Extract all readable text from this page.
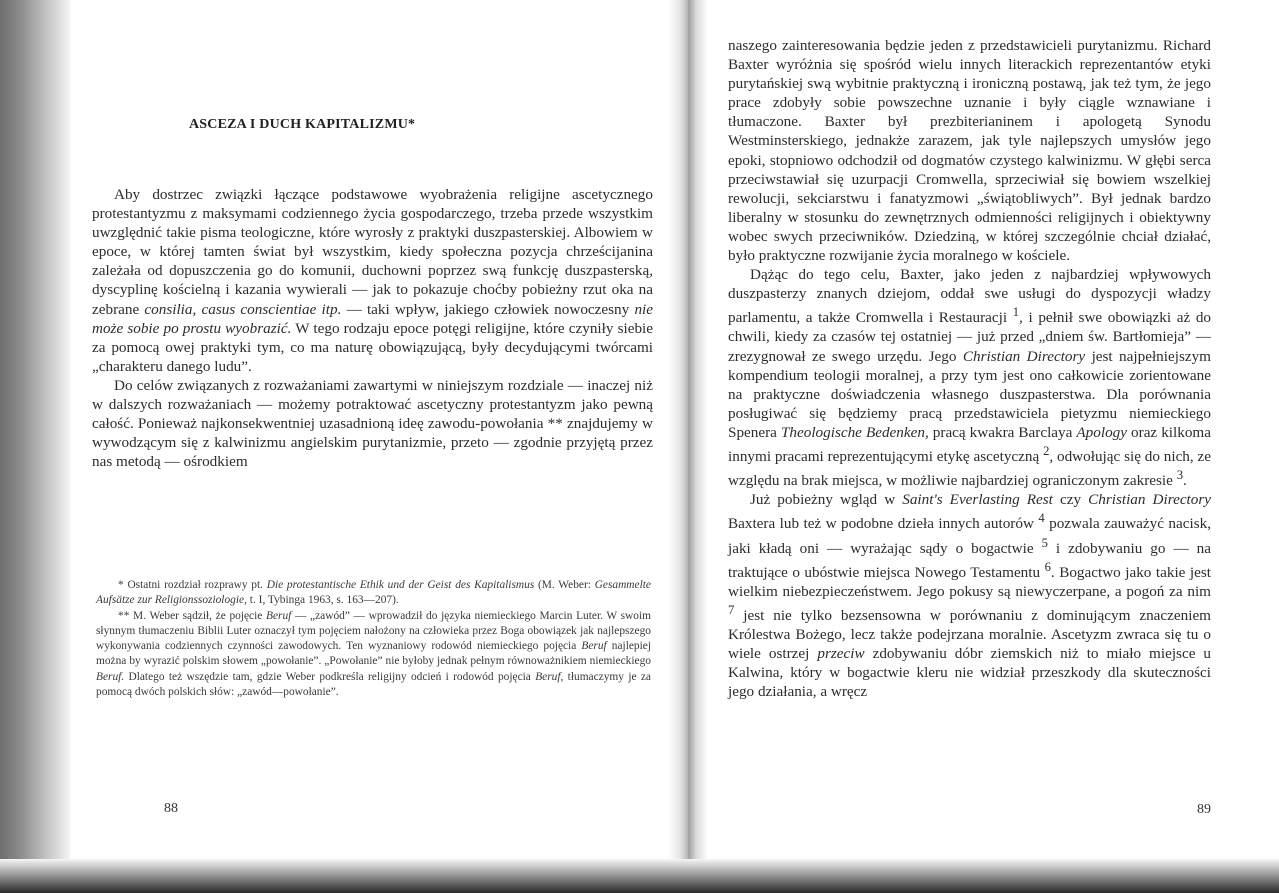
ASCEZA I DUCH KAPITALIZMU*

Aby dostrzec związki łączące podstawowe wyobrażenia religijne ascetycznego protestantyzmu z maksymami codziennego życia gospodarczego, trzeba przede wszystkim uwzględnić takie pisma teologiczne, które wyrosły z praktyki duszpasterskiej. Albowiem w epoce, w której tamten świat był wszystkim, kiedy społeczna pozycja chrześcijanina zależała od dopuszczenia go do komunii, duchowni poprzez swą funkcję duszpasterską, dyscyplinę kościelną i kazania wywierali — jak to pokazuje choćby pobieżny rzut oka na zebrane consilia, casus conscientiae itp. — taki wpływ, jakiego człowiek nowoczesny nie może sobie po prostu wyobrazić. W tego rodzaju epoce potęgi religijne, które czyniły siebie za pomocą owej praktyki tym, co ma naturę obowiązującą, były decydującymi twórcami „charakteru danego ludu”.

Do celów związanych z rozważaniami zawartymi w niniejszym rozdziale — inaczej niż w dalszych rozważaniach — możemy potraktować ascetyczny protestantyzm jako pewną całość. Ponieważ najkonsekwentniej uzasadnioną ideę zawodu-powołania ** znajdujemy w wywodzącym się z kalwinizmu angielskim purytanizmie, przeto — zgodnie przyjętą przez nas metodą — ośrodkiem

* Ostatni rozdział rozprawy pt. Die protestantische Ethik und der Geist des Kapitalismus (M. Weber: Gesammelte Aufsätze zur Religionssoziologie, t. I, Tybinga 1963, s. 163—207).

** M. Weber sądził, że pojęcie Beruf — „zawód” — wprowadził do języka niemieckiego Marcin Luter. W swoim słynnym tłumaczeniu Biblii Luter oznaczył tym pojęciem nałożony na człowieka przez Boga obowiązek jak najlepszego wykonywania codziennych czynności zawodowych. Ten wyznaniowy rodowód niemieckiego pojęcia Beruf najlepiej można by wyrazić polskim słowem „powołanie”. „Powołanie” nie byłoby jednak pełnym równoważnikiem niemieckiego Beruf. Dlatego też wszędzie tam, gdzie Weber podkreśla religijny odcień i rodowód pojęcia Beruf, tłumaczymy je za pomocą dwóch polskich słów: „zawód—powołanie”.

88

naszego zainteresowania będzie jeden z przedstawicieli purytanizmu. Richard Baxter wyróżnia się spośród wielu innych literackich reprezentantów etyki purytańskiej swą wybitnie praktyczną i ironiczną postawą, jak też tym, że jego prace zdobyły sobie powszechne uznanie i były ciągle wznawiane i tłumaczone. Baxter był prezbiterianinem i apologetą Synodu Westminsterskiego, jednakże zarazem, jak tyle najlepszych umysłów jego epoki, stopniowo odchodził od dogmatów czystego kalwinizmu. W głębi serca przeciwstawiał się uzurpacji Cromwella, sprzeciwiał się bowiem wszelkiej rewolucji, sekciarstwu i fanatyzmowi „świątobliwych”. Był jednak bardzo liberalny w stosunku do zewnętrznych odmienności religijnych i obiektywny wobec swych przeciwników. Dziedziną, w której szczególnie chciał działać, było praktyczne rozwijanie życia moralnego w kościele.

Dążąc do tego celu, Baxter, jako jeden z najbardziej wpływowych duszpasterzy znanych dziejom, oddał swe usługi do dyspozycji władzy parlamentu, a także Cromwella i Restauracji $^1$, i pełnił swe obowiązki aż do chwili, kiedy za czasów tej ostatniej — już przed „dniem św. Bartłomieja” — zrezygnował ze swego urzędu. Jego Christian Directory jest najpełniejszym kompendium teologii moralnej, a przy tym jest ono całkowicie zorientowane na praktyczne doświadczenia własnego duszpasterstwa. Dla porównania posługiwać się będziemy pracą przedstawiciela pietyzmu niemieckiego Spenera Theologische Bedenken, pracą kwakra Barclaya Apology oraz kilkoma innymi pracami reprezentującymi etykę ascetyczną $^2$, odwołując się do nich, ze względu na brak miejsca, w możliwie najbardziej ograniczonym zakresie $^3$.

Już pobieżny wgląd w Saint's Everlasting Rest czy Christian Directory Baxtera lub też w podobne dzieła innych autorów $^4$ pozwala zauważyć nacisk, jaki kładą oni — wyrażając sądy o bogactwie $^5$ i zdobywaniu go — na traktujące o ubóstwie miejsca Nowego Testamentu $^6$. Bogactwo jako takie jest wielkim niebezpieczeństwem. Jego pokusy są niewyczerpane, a pogoń za nim $^7$ jest nie tylko bezsensowna w porównaniu z dominującym znaczeniem Królestwa Bożego, lecz także podejrzana moralnie. Ascetyzm zwraca się tu o wiele ostrzej przeciw zdobywaniu dóbr ziemskich niż to miało miejsce u Kalwina, który w bogactwie kleru nie widział przeszkody dla skuteczności jego działania, a wręcz

89
